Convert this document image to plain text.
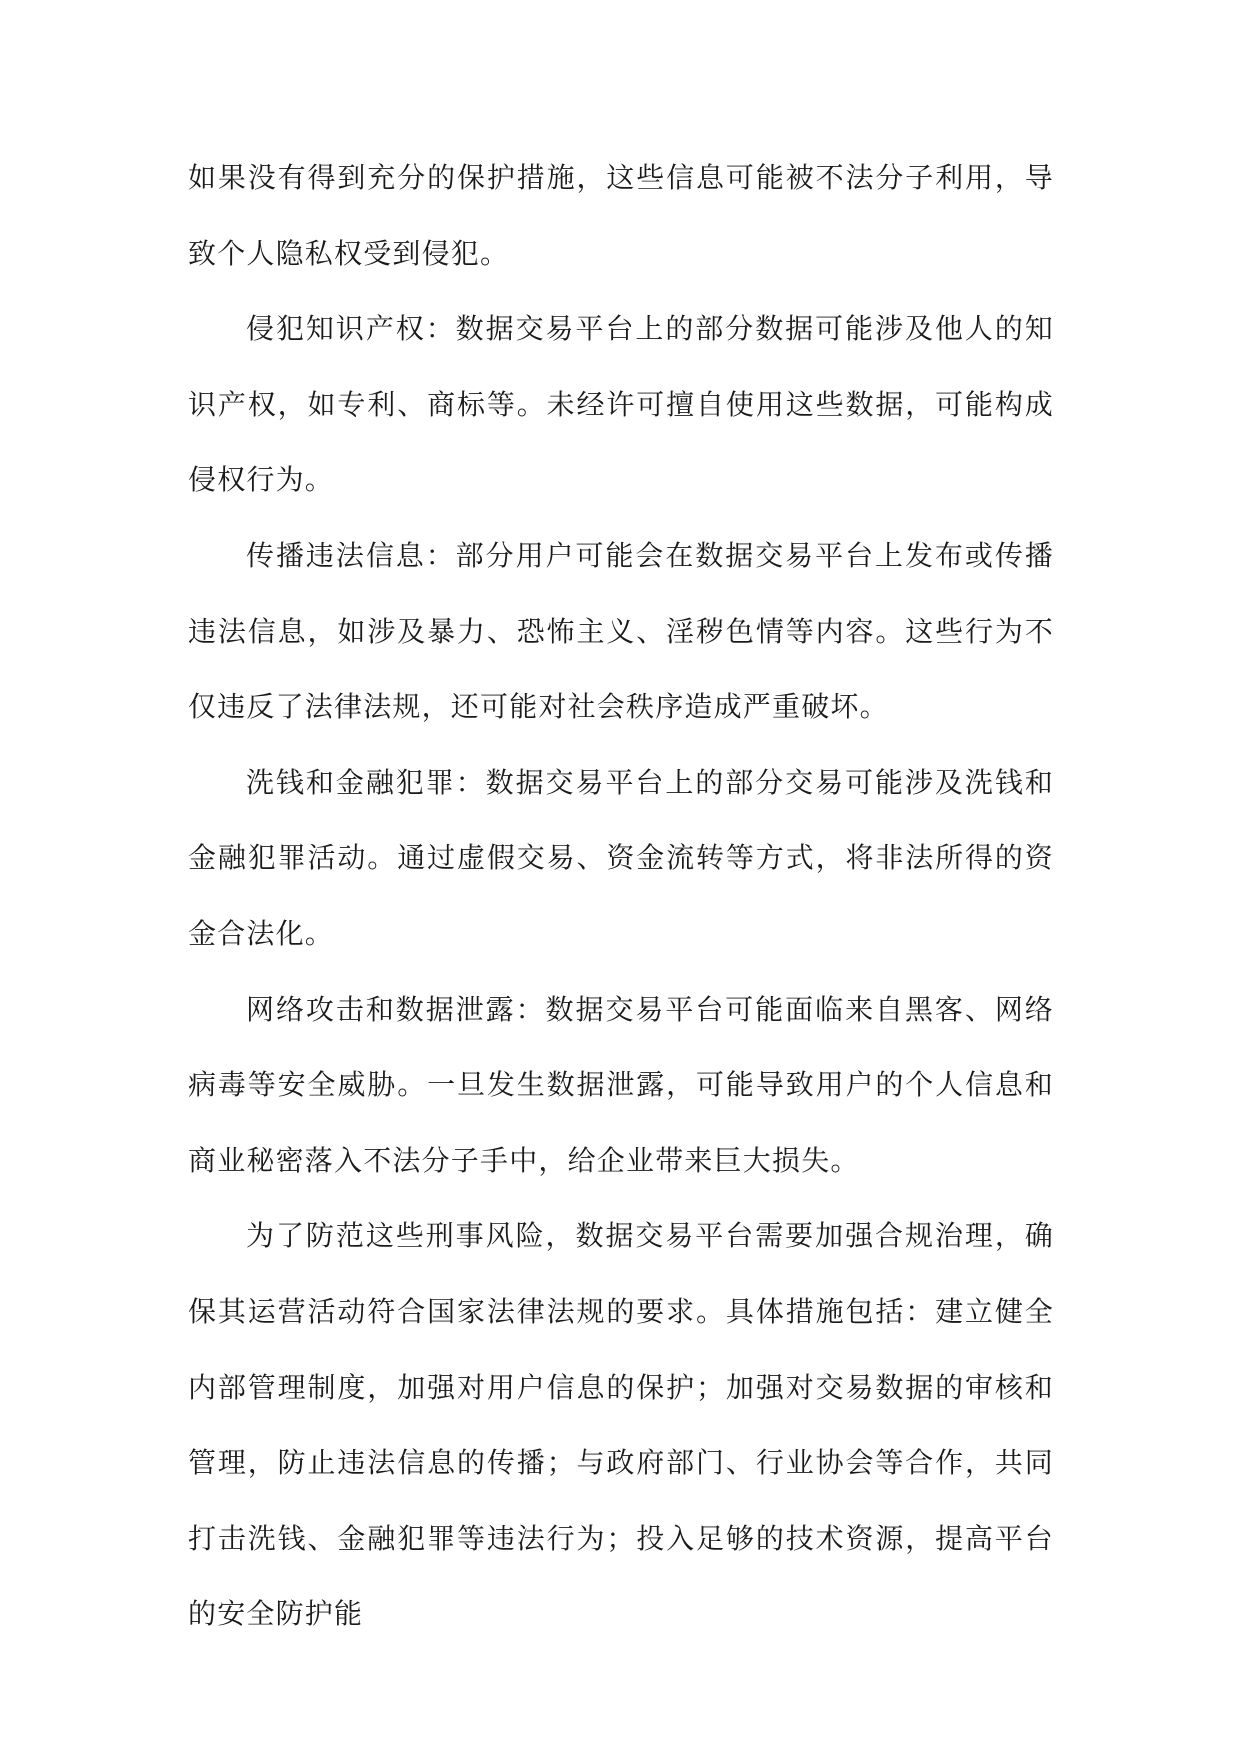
如果没有得到充分的保护措施，这些信息可能被不法分子利用，导致个人隐私权受到侵犯。

侵犯知识产权：数据交易平台上的部分数据可能涉及他人的知识产权，如专利、商标等。未经许可擅自使用这些数据，可能构成侵权行为。

传播违法信息：部分用户可能会在数据交易平台上发布或传播违法信息，如涉及暴力、恐怖主义、淫秽色情等内容。这些行为不仅违反了法律法规，还可能对社会秩序造成严重破坏。

洗钱和金融犯罪：数据交易平台上的部分交易可能涉及洗钱和金融犯罪活动。通过虚假交易、资金流转等方式，将非法所得的资金合法化。

网络攻击和数据泄露：数据交易平台可能面临来自黑客、网络病毒等安全威胁。一旦发生数据泄露，可能导致用户的个人信息和商业秘密落入不法分子手中，给企业带来巨大损失。

为了防范这些刑事风险，数据交易平台需要加强合规治理，确保其运营活动符合国家法律法规的要求。具体措施包括：建立健全内部管理制度，加强对用户信息的保护；加强对交易数据的审核和管理，防止违法信息的传播；与政府部门、行业协会等合作，共同打击洗钱、金融犯罪等违法行为；投入足够的技术资源，提高平台的安全防护能
